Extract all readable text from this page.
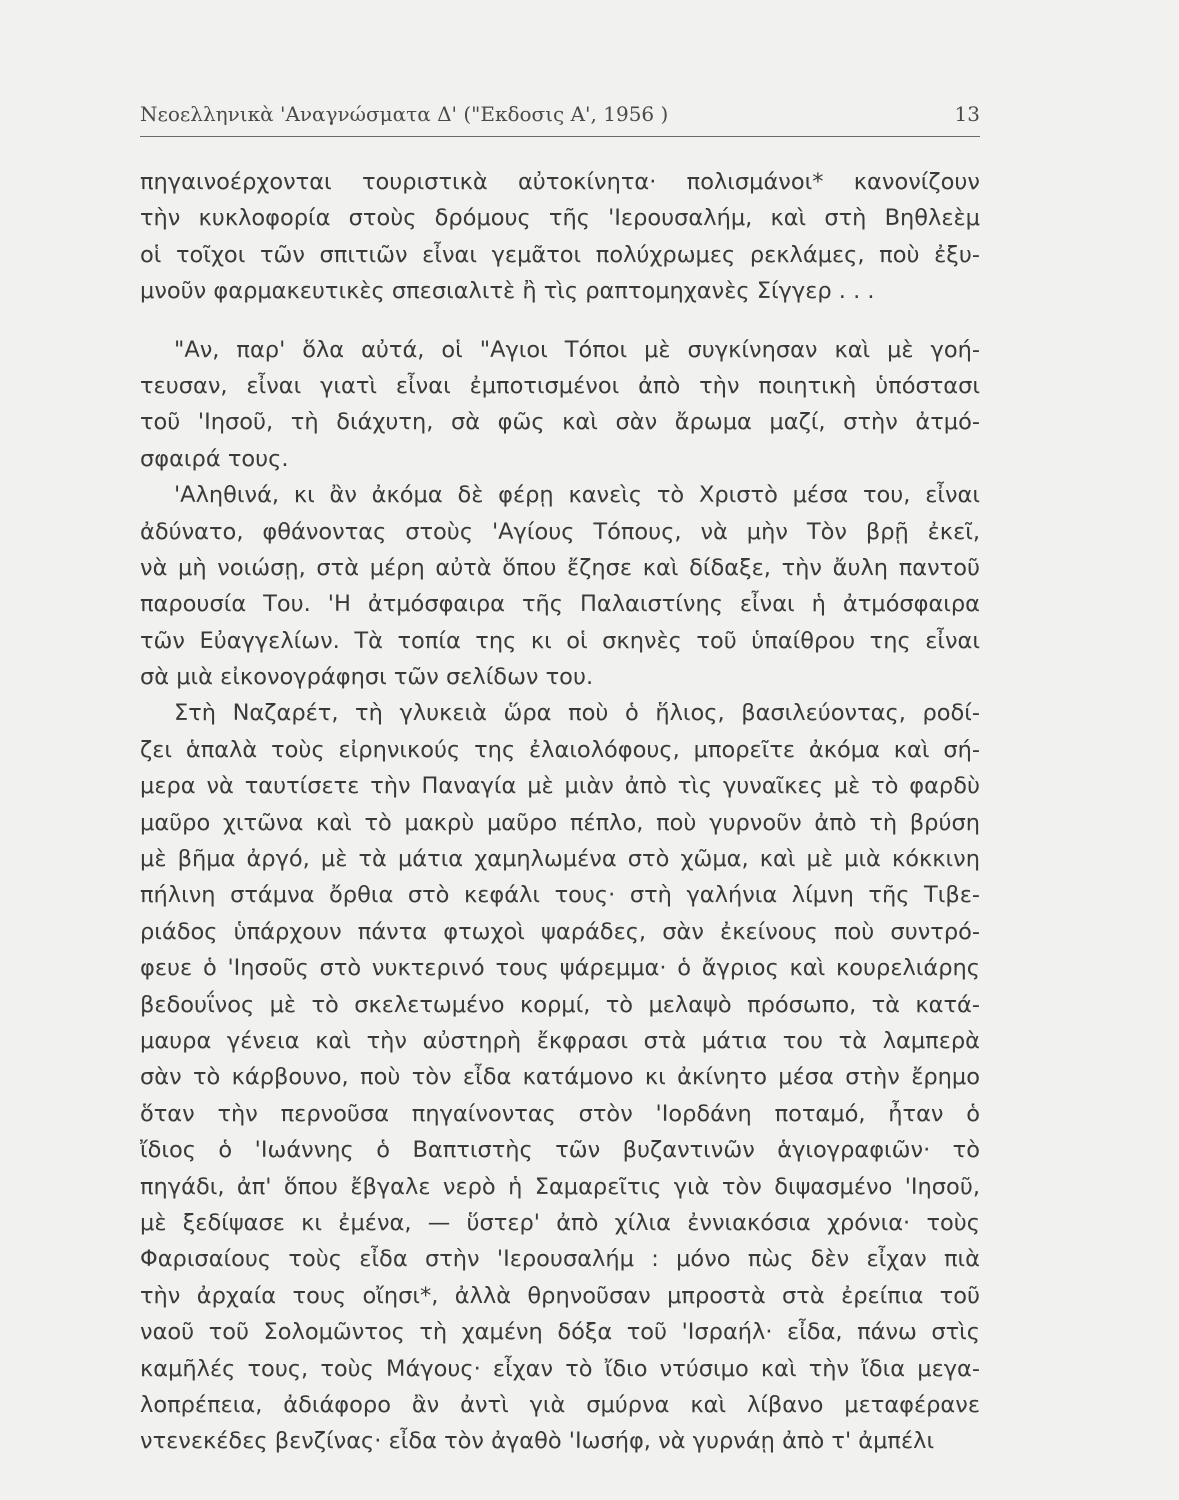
Νεοελληνικὰ 'Αναγνώσματα Δ' ("Εκδοσις Α', 1956 )	13
πηγαινοέρχονται τουριστικὰ αὐτοκίνητα· πολισμάνοι* κανονίζουν
τὴν κυκλοφορία στοὺς δρόμους τῆς 'Ιερουσαλήμ, καὶ στὴ Βηθλεὲμ
οἱ τοῖχοι τῶν σπιτιῶν εἶναι γεμᾶτοι πολύχρωμες ρεκλάμες, ποὺ ἐξυ-
μνοῦν φαρμακευτικὲς σπεσιαλιτὲ ἢ τὶς ραπτομηχανὲς Σίγγερ . . .
"Αν, παρ' ὅλα αὐτά, οἱ "Αγιοι Τόποι μὲ συγκίνησαν καὶ μὲ γοή-
τευσαν, εἶναι γιατὶ εἶναι ἐμποτισμένοι ἀπὸ τὴν ποιητικὴ ὑπόστασι
τοῦ 'Ιησοῦ, τὴ διάχυτη, σὰ φῶς καὶ σὰν ἄρωμα μαζί, στὴν ἀτμό-
σφαιρά τους.
'Αληθινά, κι ἂν ἀκόμα δὲ φέρῃ κανεὶς τὸ Χριστὸ μέσα του, εἶναι
ἀδύνατο, φθάνοντας στοὺς 'Αγίους Τόπους, νὰ μὴν Τὸν βρῇ ἐκεῖ,
νὰ μὴ νοιώσῃ, στὰ μέρη αὐτὰ ὅπου ἔζησε καὶ δίδαξε, τὴν ἄυλη παντοῦ
παρουσία Του. 'Η ἀτμόσφαιρα τῆς Παλαιστίνης εἶναι ἡ ἀτμόσφαιρα
τῶν Εὐαγγελίων. Τὰ τοπία της κι οἱ σκηνὲς τοῦ ὑπαίθρου της εἶναι
σὰ μιὰ εἰκονογράφησι τῶν σελίδων του.
Στὴ Ναζαρέτ, τὴ γλυκειὰ ὥρα ποὺ ὁ ἥλιος, βασιλεύοντας, ροδί-
ζει ἁπαλὰ τοὺς εἰρηνικούς της ἐλαιολόφους, μπορεῖτε ἀκόμα καὶ σή-
μερα νὰ ταυτίσετε τὴν Παναγία μὲ μιὰν ἀπὸ τὶς γυναῖκες μὲ τὸ φαρδὺ
μαῦρο χιτῶνα καὶ τὸ μακρὺ μαῦρο πέπλο, ποὺ γυρνοῦν ἀπὸ τὴ βρύση
μὲ βῆμα ἀργό, μὲ τὰ μάτια χαμηλωμένα στὸ χῶμα, καὶ μὲ μιὰ κόκκινη
πήλινη στάμνα ὄρθια στὸ κεφάλι τους· στὴ γαλήνια λίμνη τῆς Τιβε-
ριάδος ὑπάρχουν πάντα φτωχοὶ ψαράδες, σὰν ἐκείνους ποὺ συντρό-
φευε ὁ 'Ιησοῦς στὸ νυκτερινό τους ψάρεμμα· ὁ ἄγριος καὶ κουρελιάρης
βεδουΐνος μὲ τὸ σκελετωμένο κορμί, τὸ μελαψὸ πρόσωπο, τὰ κατά-
μαυρα γένεια καὶ τὴν αὐστηρὴ ἔκφρασι στὰ μάτια του τὰ λαμπερὰ
σὰν τὸ κάρβουνο, ποὺ τὸν εἶδα κατάμονο κι ἀκίνητο μέσα στὴν ἔρημο
ὅταν τὴν περνοῦσα πηγαίνοντας στὸν 'Ιορδάνη ποταμό, ἦταν ὁ
ἴδιος ὁ 'Ιωάννης ὁ Βαπτιστὴς τῶν βυζαντινῶν ἁγιογραφιῶν· τὸ
πηγάδι, ἀπ' ὅπου ἔβγαλε νερὸ ἡ Σαμαρεῖτις γιὰ τὸν διψασμένο 'Ιησοῦ,
μὲ ξεδίψασε κι ἐμένα, — ὕστερ' ἀπὸ χίλια ἐννιακόσια χρόνια· τοὺς
Φαρισαίους τοὺς εἶδα στὴν 'Ιερουσαλήμ : μόνο πὼς δὲν εἶχαν πιὰ
τὴν ἀρχαία τους οἴησι*, ἀλλὰ θρηνοῦσαν μπροστὰ στὰ ἐρείπια τοῦ
ναοῦ τοῦ Σολομῶντος τὴ χαμένη δόξα τοῦ 'Ισραήλ· εἶδα, πάνω στὶς
καμῆλές τους, τοὺς Μάγους· εἶχαν τὸ ἴδιο ντύσιμο καὶ τὴν ἴδια μεγα-
λοπρέπεια, ἀδιάφορο ἂν ἀντὶ γιὰ σμύρνα καὶ λίβανο μεταφέρανε
ντενεκέδες βενζίνας· εἶδα τὸν ἀγαθὸ 'Ιωσήφ, νὰ γυρνάῃ ἀπὸ τ' ἀμπέλι
